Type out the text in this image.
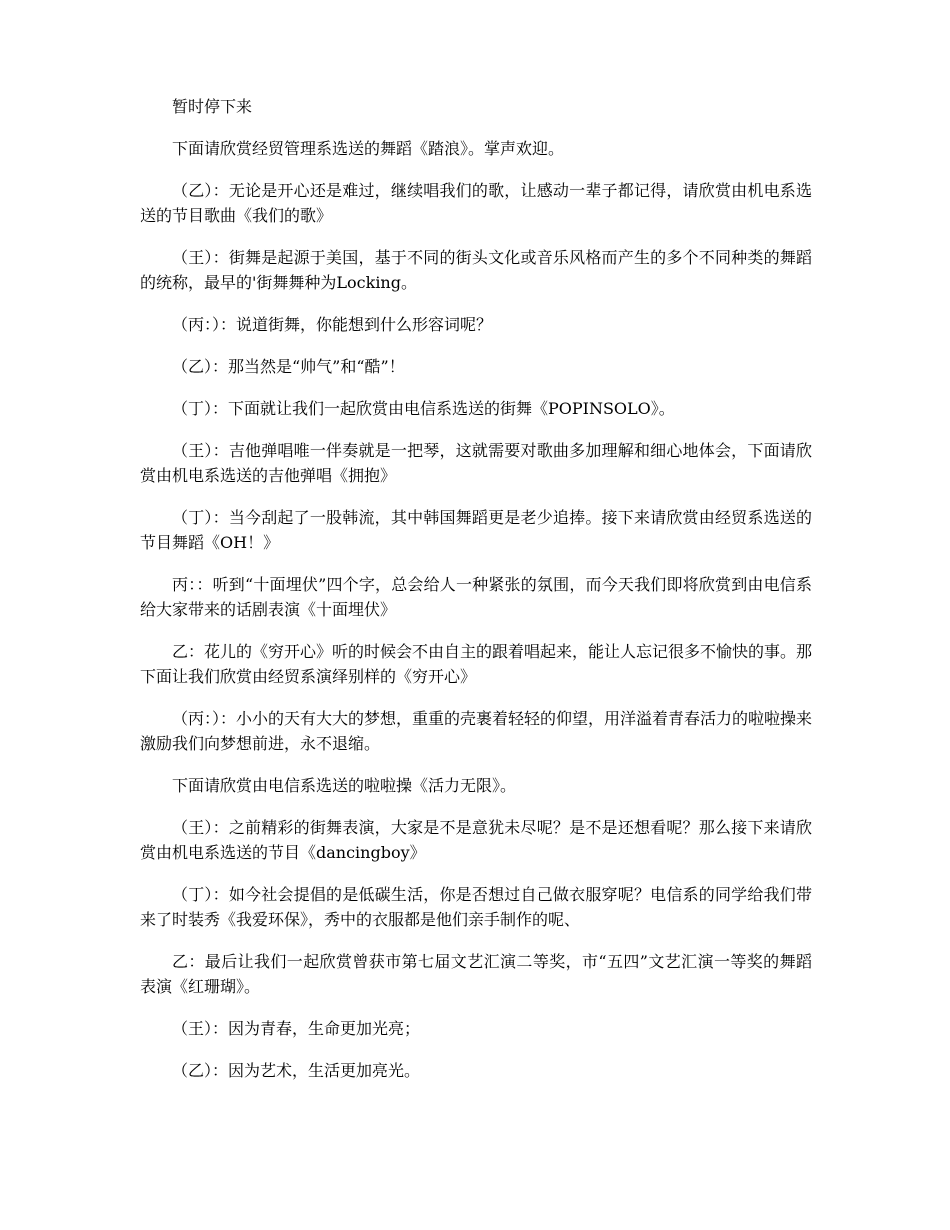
暂时停下来

下面请欣赏经贸管理系选送的舞蹈《踏浪》。掌声欢迎。

（乙）：无论是开心还是难过，继续唱我们的歌，让感动一辈子都记得，请欣赏由机电系选送的节目歌曲《我们的歌》

（王）：街舞是起源于美国，基于不同的街头文化或音乐风格而产生的多个不同种类的舞蹈的统称，最早的'街舞舞种为Locking。

（丙：）：说道街舞，你能想到什么形容词呢？

（乙）：那当然是“帅气”和“酷”！

（丁）：下面就让我们一起欣赏由电信系选送的街舞《POPINSOLO》。

（王）：吉他弹唱唯一伴奏就是一把琴，这就需要对歌曲多加理解和细心地体会，下面请欣赏由机电系选送的吉他弹唱《拥抱》

（丁）：当今刮起了一股韩流，其中韩国舞蹈更是老少追捧。接下来请欣赏由经贸系选送的节目舞蹈《OH！》

丙：：听到“十面埋伏”四个字，总会给人一种紧张的氛围，而今天我们即将欣赏到由电信系给大家带来的话剧表演《十面埋伏》

乙：花儿的《穷开心》听的时候会不由自主的跟着唱起来，能让人忘记很多不愉快的事。那下面让我们欣赏由经贸系演绎别样的《穷开心》

（丙：）：小小的天有大大的梦想，重重的壳裹着轻轻的仰望，用洋溢着青春活力的啦啦操来激励我们向梦想前进，永不退缩。

下面请欣赏由电信系选送的啦啦操《活力无限》。

（王）：之前精彩的街舞表演，大家是不是意犹未尽呢？是不是还想看呢？那么接下来请欣赏由机电系选送的节目《dancingboy》

（丁）：如今社会提倡的是低碳生活，你是否想过自己做衣服穿呢？电信系的同学给我们带来了时装秀《我爱环保》，秀中的衣服都是他们亲手制作的呢、

乙：最后让我们一起欣赏曾获市第七届文艺汇演二等奖，市“五四”文艺汇演一等奖的舞蹈表演《红珊瑚》。

（王）：因为青春，生命更加光亮；

（乙）：因为艺术，生活更加亮光。
